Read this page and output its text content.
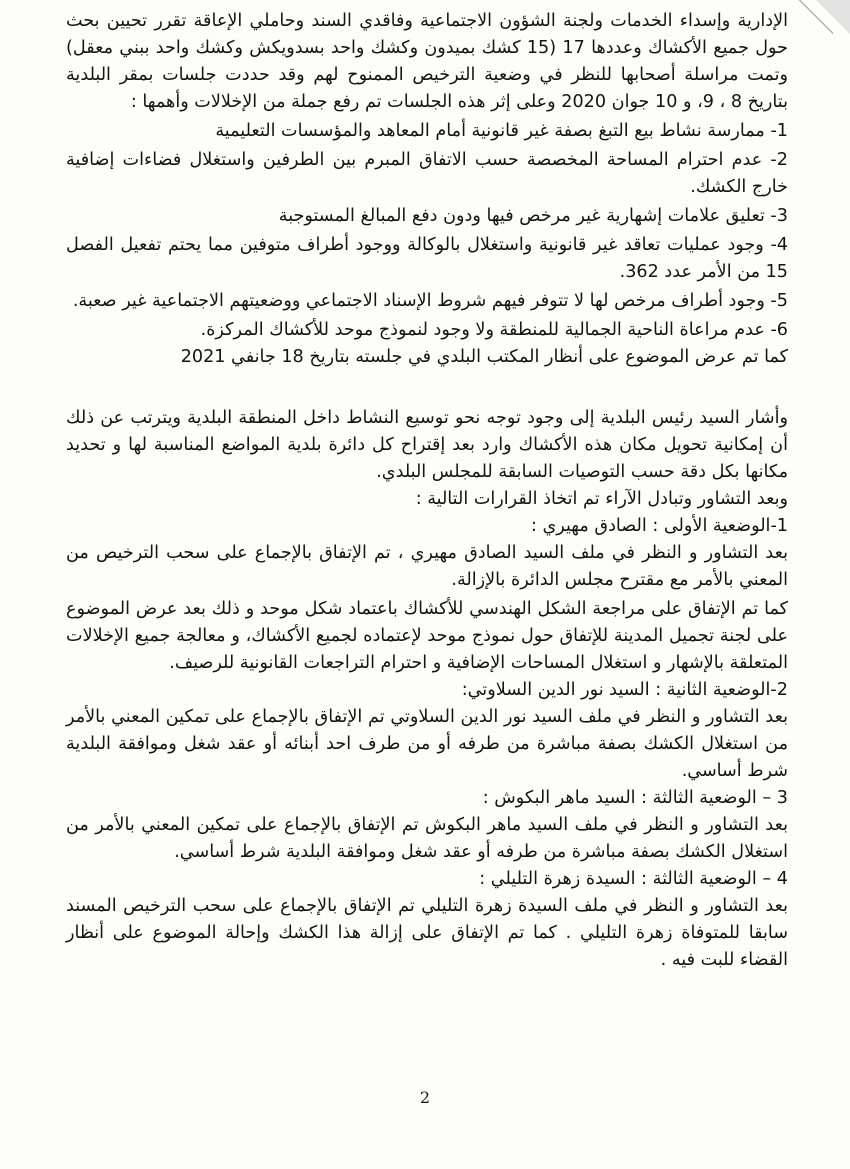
الإدارية وإسداء الخدمات ولجنة الشؤون الاجتماعية وفاقدي السند وحاملي الإعاقة تقرر تحيين بحث حول جميع الأكشاك وعددها 17 (15 كشك بميدون وكشك واحد بسدويكش وكشك واحد ببني معقل) وتمت مراسلة أصحابها للنظر في وضعية الترخيص الممنوح لهم وقد حددت جلسات بمقر البلدية بتاريخ 8 ، 9، و 10 جوان 2020 وعلى إثر هذه الجلسات تم رفع جملة من الإخلالات وأهمها :

1- ممارسة نشاط بيع التبغ بصفة غير قانونية أمام المعاهد والمؤسسات التعليمية

2- عدم احترام المساحة المخصصة حسب الاتفاق المبرم بين الطرفين واستغلال فضاءات إضافية خارج الكشك.

3- تعليق علامات إشهارية غير مرخص فيها ودون دفع المبالغ المستوجبة

4- وجود عمليات تعاقد غير قانونية واستغلال بالوكالة ووجود أطراف متوفين مما يحتم تفعيل الفصل 15 من الأمر عدد 362.

5- وجود أطراف مرخص لها لا تتوفر فيهم شروط الإسناد الاجتماعي ووضعيتهم الاجتماعية غير صعبة.

6- عدم مراعاة الناحية الجمالية للمنطقة ولا وجود لنموذج موحد للأكشاك المركزة.

كما تم عرض الموضوع على أنظار المكتب البلدي في جلسته بتاريخ 18 جانفي 2021

وأشار السيد رئيس البلدية إلى وجود توجه نحو توسيع النشاط داخل المنطقة البلدية ويترتب عن ذلك أن إمكانية تحويل مكان هذه الأكشاك وارد بعد إقتراح كل دائرة بلدية المواضع المناسبة لها و تحديد مكانها بكل دقة حسب التوصيات السابقة للمجلس البلدي.

وبعد التشاور وتبادل الآراء تم اتخاذ القرارات التالية :

1-الوضعية الأولى : الصادق مهيري :

بعد التشاور و النظر في ملف السيد الصادق مهيري ، تم الإتفاق بالإجماع على سحب الترخيص من المعني بالأمر مع مقترح مجلس الدائرة بالإزالة.

كما تم الإتفاق على مراجعة الشكل الهندسي للأكشاك باعتماد شكل موحد و ذلك بعد عرض الموضوع على لجنة تجميل المدينة للإتفاق حول نموذج موحد لإعتماده لجميع الأكشاك، و معالجة جميع الإخلالات المتعلقة بالإشهار و استغلال المساحات الإضافية و احترام التراجعات القانونية للرصيف.

2-الوضعية الثانية : السيد نور الدين السلاوتي:

بعد التشاور و النظر في ملف السيد نور الدين السلاوتي تم الإتفاق بالإجماع على تمكين المعني بالأمر من استغلال الكشك بصفة مباشرة من طرفه أو من طرف احد أبنائه أو عقد شغل وموافقة البلدية شرط أساسي.

3 – الوضعية الثالثة : السيد ماهر البكوش :

بعد التشاور و النظر في ملف السيد ماهر البكوش تم الإتفاق بالإجماع على تمكين المعني بالأمر من استغلال الكشك بصفة مباشرة من طرفه أو عقد شغل وموافقة البلدية شرط أساسي.

4 – الوضعية الثالثة : السيدة زهرة التليلي :

بعد التشاور و النظر في ملف السيدة زهرة التليلي تم الإتفاق بالإجماع على سحب الترخيص المسند سابقا للمتوفاة زهرة التليلي . كما تم الإتفاق على إزالة هذا الكشك وإحالة الموضوع على أنظار القضاء للبت فيه .

2
